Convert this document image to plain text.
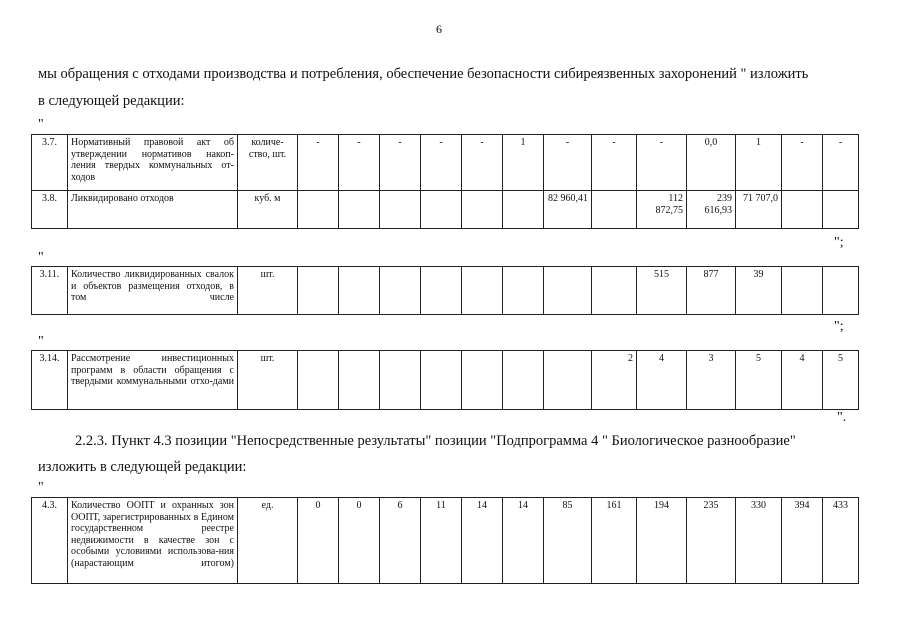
6
мы обращения с отходами производства и потребления, обеспечение безопасности сибиреязвенных захоронений " изложить
в следующей редакции:
"
3.7.	Нормативный правовой акт об утверждении нормативов накоп-ления твердых коммунальных от-ходов	количе-ство, шт.	-	-	-	-	-	1	-	-	-	0,0	1	-	-
3.8.	Ликвидировано отходов	куб. м							82 960,41		112 872,75	239 616,93	71 707,0		
";
"
3.11.	Количество ликвидированных свалок и объектов размещения отходов, в том числе	шт.									515	877	39		
";
"
3.14.	Рассмотрение инвестиционных программ в области обращения с твердыми коммунальными отхо-дами	шт.								2	4	3	5	4	5
".
2.2.3. Пункт 4.3 позиции "Непосредственные результаты" позиции "Подпрограмма 4 " Биологическое разнообразие"
изложить в следующей редакции:
"
4.3.	Количество ООПТ и охранных зон ООПТ, зарегистрированных в Едином государственном реестре недвижимости в качестве зон с особыми условиями использова-ния (нарастающим итогом)	ед.	0	0	6	11	14	14	85	161	194	235	330	394	433
